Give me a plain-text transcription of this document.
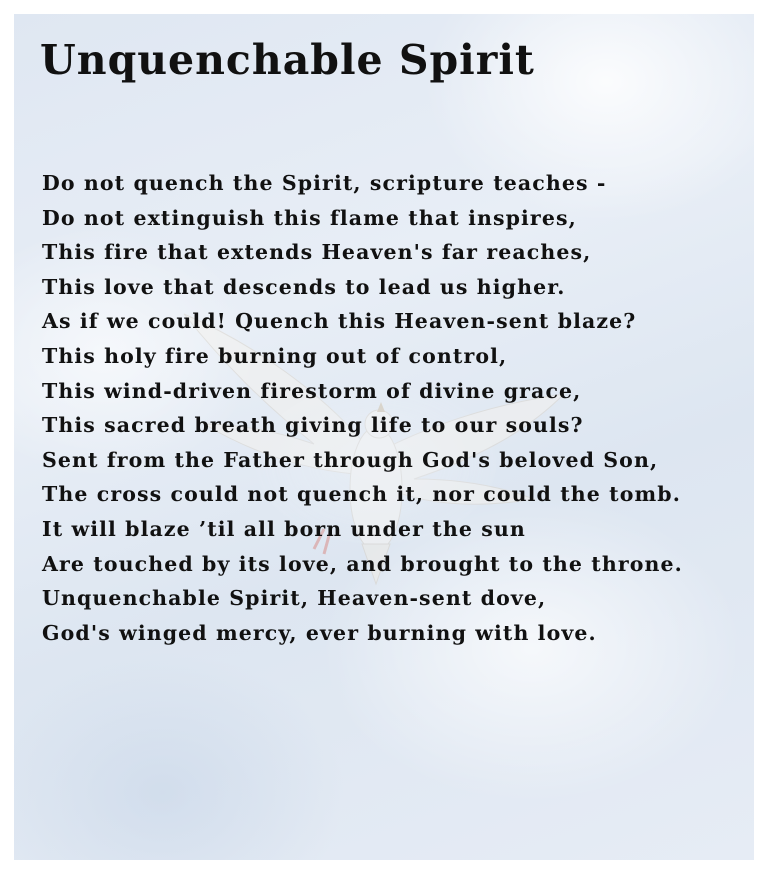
Unquenchable Spirit
Do not quench the Spirit, scripture teaches -
Do not extinguish this flame that inspires,
This fire that extends Heaven's far reaches,
This love that descends to lead us higher.
As if we could! Quench this Heaven-sent blaze?
This holy fire burning out of control,
This wind-driven firestorm of divine grace,
This sacred breath giving life to our souls?
Sent from the Father through God's beloved Son,
The cross could not quench it, nor could the tomb.
It will blaze ’til all born under the sun
Are touched by its love, and brought to the throne.
Unquenchable Spirit, Heaven-sent dove,
God's winged mercy, ever burning with love.
